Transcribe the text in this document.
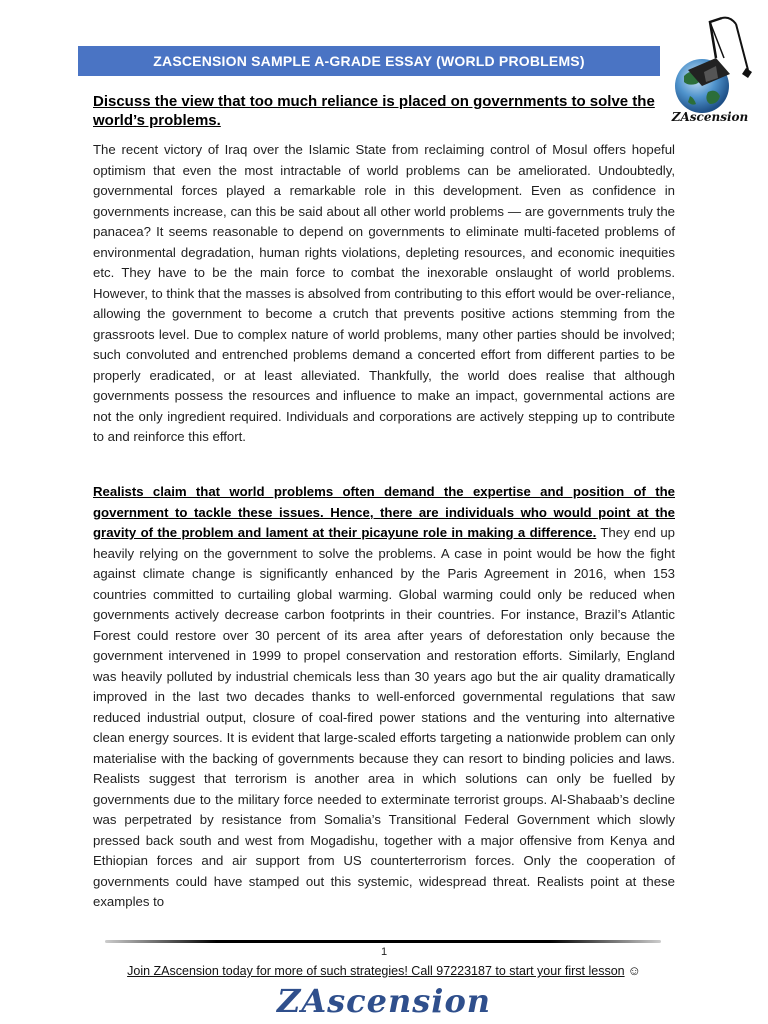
ZASCENSION SAMPLE A-GRADE ESSAY (WORLD PROBLEMS)
ZAscension
Discuss the view that too much reliance is placed on governments to solve the world’s problems.

The recent victory of Iraq over the Islamic State from reclaiming control of Mosul offers hopeful optimism that even the most intractable of world problems can be ameliorated. Undoubtedly, governmental forces played a remarkable role in this development. Even as confidence in governments increase, can this be said about all other world problems — are governments truly the panacea? It seems reasonable to depend on governments to eliminate multi-faceted problems of environmental degradation, human rights violations, depleting resources, and economic inequities etc. They have to be the main force to combat the inexorable onslaught of world problems. However, to think that the masses is absolved from contributing to this effort would be over-reliance, allowing the government to become a crutch that prevents positive actions stemming from the grassroots level. Due to complex nature of world problems, many other parties should be involved; such convoluted and entrenched problems demand a concerted effort from different parties to be properly eradicated, or at least alleviated. Thankfully, the world does realise that although governments possess the resources and influence to make an impact, governmental actions are not the only ingredient required. Individuals and corporations are actively stepping up to contribute to and reinforce this effort.

Realists claim that world problems often demand the expertise and position of the government to tackle these issues. Hence, there are individuals who would point at the gravity of the problem and lament at their picayune role in making a difference. They end up heavily relying on the government to solve the problems. A case in point would be how the fight against climate change is significantly enhanced by the Paris Agreement in 2016, when 153 countries committed to curtailing global warming. Global warming could only be reduced when governments actively decrease carbon footprints in their countries. For instance, Brazil’s Atlantic Forest could restore over 30 percent of its area after years of deforestation only because the government intervened in 1999 to propel conservation and restoration efforts. Similarly, England was heavily polluted by industrial chemicals less than 30 years ago but the air quality dramatically improved in the last two decades thanks to well-enforced governmental regulations that saw reduced industrial output, closure of coal-fired power stations and the venturing into alternative clean energy sources. It is evident that large-scaled efforts targeting a nationwide problem can only materialise with the backing of governments because they can resort to binding policies and laws. Realists suggest that terrorism is another area in which solutions can only be fuelled by governments due to the military force needed to exterminate terrorist groups. Al-Shabaab’s decline was perpetrated by resistance from Somalia’s Transitional Federal Government which slowly pressed back south and west from Mogadishu, together with a major offensive from Kenya and Ethiopian forces and air support from US counterterrorism forces. Only the cooperation of governments could have stamped out this systemic, widespread threat. Realists point at these examples to

1
Join ZAscension today for more of such strategies! Call 97223187 to start your first lesson ☺
ZAscension
